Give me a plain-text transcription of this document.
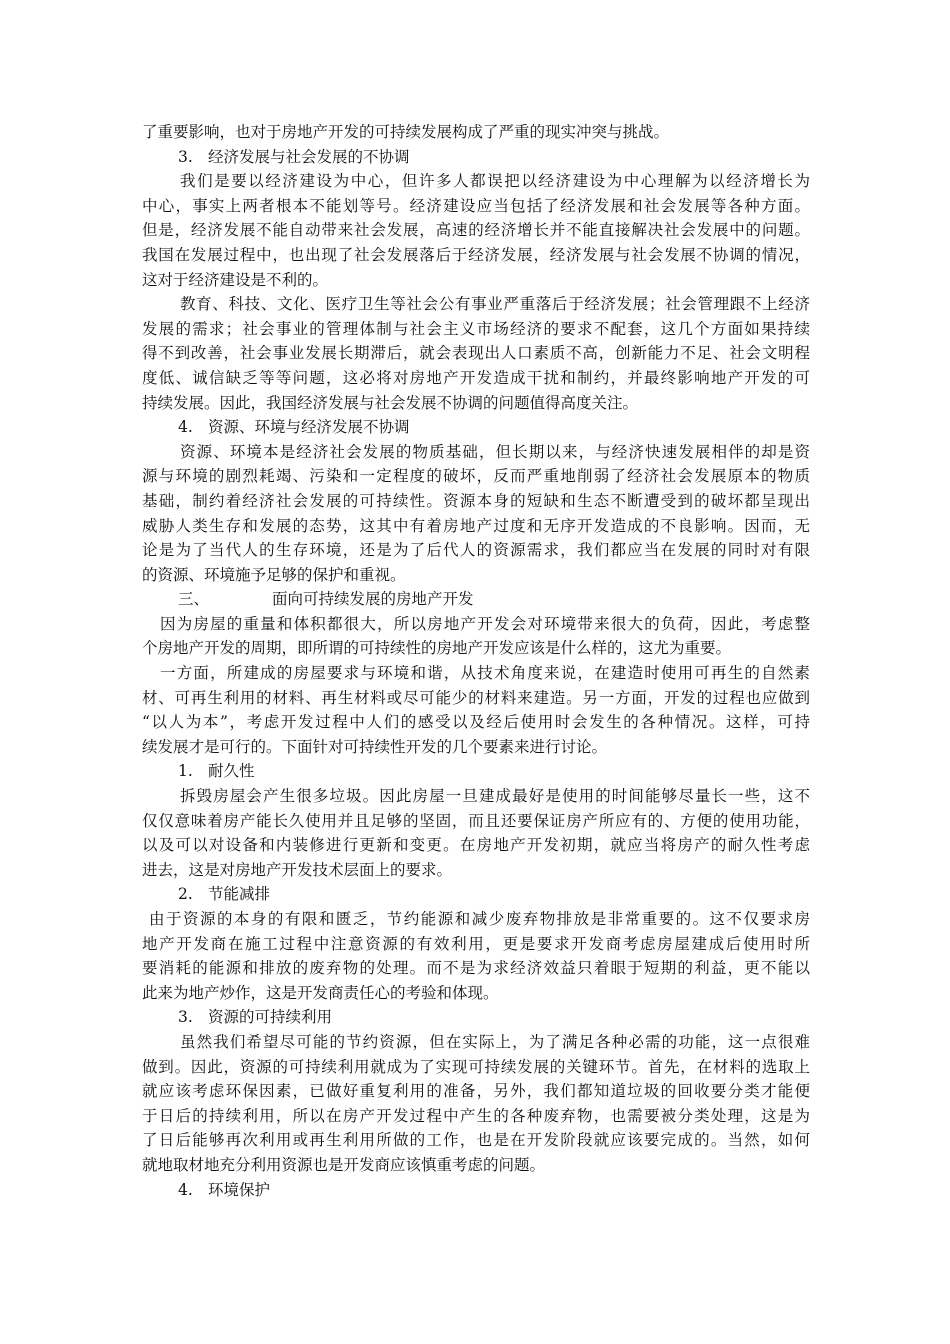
了重要影响，也对于房地产开发的可持续发展构成了严重的现实冲突与挑战。
3. 经济发展与社会发展的不协调
我们是要以经济建设为中心，但许多人都误把以经济建设为中心理解为以经济增长为
中心，事实上两者根本不能划等号。经济建设应当包括了经济发展和社会发展等各种方面。
但是，经济发展不能自动带来社会发展，高速的经济增长并不能直接解决社会发展中的问题。
我国在发展过程中，也出现了社会发展落后于经济发展，经济发展与社会发展不协调的情况，
这对于经济建设是不利的。
教育、科技、文化、医疗卫生等社会公有事业严重落后于经济发展；社会管理跟不上经济
发展的需求；社会事业的管理体制与社会主义市场经济的要求不配套，这几个方面如果持续
得不到改善，社会事业发展长期滞后，就会表现出人口素质不高，创新能力不足、社会文明程
度低、诚信缺乏等等问题，这必将对房地产开发造成干扰和制约，并最终影响地产开发的可
持续发展。因此，我国经济发展与社会发展不协调的问题值得高度关注。
4. 资源、环境与经济发展不协调
资源、环境本是经济社会发展的物质基础，但长期以来，与经济快速发展相伴的却是资
源与环境的剧烈耗竭、污染和一定程度的破坏，反而严重地削弱了经济社会发展原本的物质
基础，制约着经济社会发展的可持续性。资源本身的短缺和生态不断遭受到的破坏都呈现出
威胁人类生存和发展的态势，这其中有着房地产过度和无序开发造成的不良影响。因而，无
论是为了当代人的生存环境，还是为了后代人的资源需求，我们都应当在发展的同时对有限
的资源、环境施予足够的保护和重视。
三、	面向可持续发展的房地产开发
因为房屋的重量和体积都很大，所以房地产开发会对环境带来很大的负荷，因此，考虑整
个房地产开发的周期，即所谓的可持续性的房地产开发应该是什么样的，这尤为重要。
一方面，所建成的房屋要求与环境和谐，从技术角度来说，在建造时使用可再生的自然素
材、可再生利用的材料、再生材料或尽可能少的材料来建造。另一方面，开发的过程也应做到
“以人为本”，考虑开发过程中人们的感受以及经后使用时会发生的各种情况。这样，可持
续发展才是可行的。下面针对可持续性开发的几个要素来进行讨论。
1. 耐久性
拆毁房屋会产生很多垃圾。因此房屋一旦建成最好是使用的时间能够尽量长一些，这不
仅仅意味着房产能长久使用并且足够的坚固，而且还要保证房产所应有的、方便的使用功能，
以及可以对设备和内装修进行更新和变更。在房地产开发初期，就应当将房产的耐久性考虑
进去，这是对房地产开发技术层面上的要求。
2. 节能减排
由于资源的本身的有限和匮乏，节约能源和减少废弃物排放是非常重要的。这不仅要求房
地产开发商在施工过程中注意资源的有效利用，更是要求开发商考虑房屋建成后使用时所
要消耗的能源和排放的废弃物的处理。而不是为求经济效益只着眼于短期的利益，更不能以
此来为地产炒作，这是开发商责任心的考验和体现。
3. 资源的可持续利用
虽然我们希望尽可能的节约资源，但在实际上，为了满足各种必需的功能，这一点很难
做到。因此，资源的可持续利用就成为了实现可持续发展的关键环节。首先，在材料的选取上
就应该考虑环保因素，已做好重复利用的准备，另外，我们都知道垃圾的回收要分类才能便
于日后的持续利用，所以在房产开发过程中产生的各种废弃物，也需要被分类处理，这是为
了日后能够再次利用或再生利用所做的工作，也是在开发阶段就应该要完成的。当然，如何
就地取材地充分利用资源也是开发商应该慎重考虑的问题。
4. 环境保护
